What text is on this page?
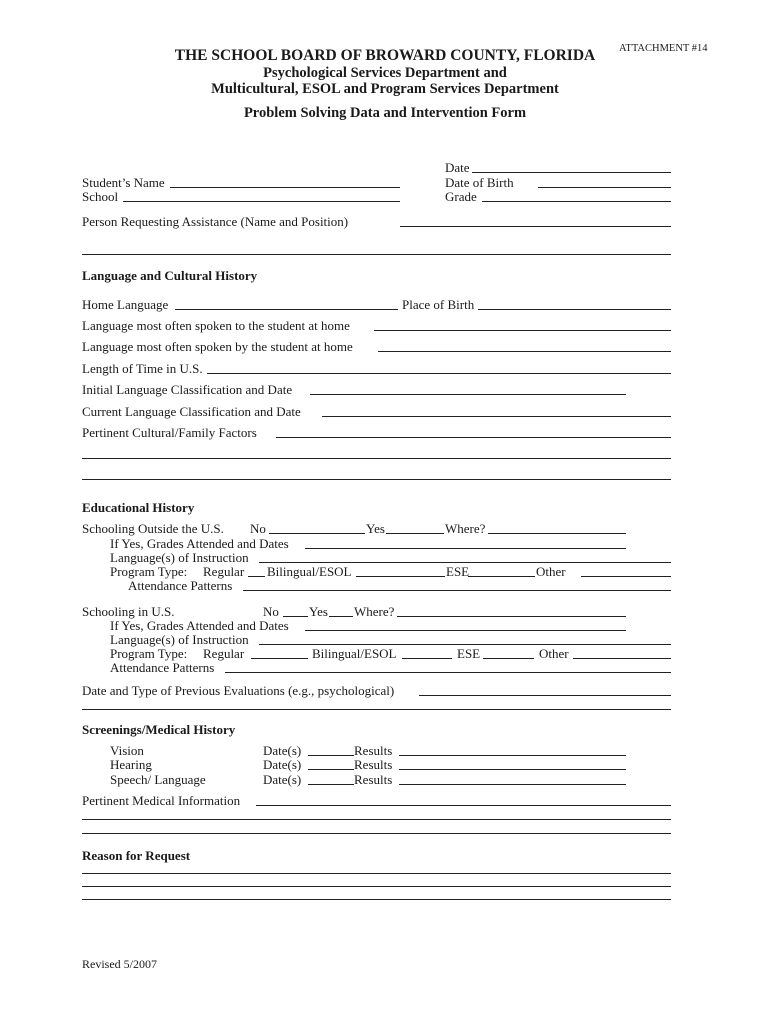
ATTACHMENT #14
THE SCHOOL BOARD OF BROWARD COUNTY, FLORIDA
Psychological Services Department and
Multicultural, ESOL and Program Services Department
Problem Solving Data and Intervention Form
Date
Student’s Name	Date of Birth
School	Grade
Person Requesting Assistance (Name and Position)
Language and Cultural History
Home Language	Place of Birth
Language most often spoken to the student at home
Language most often spoken by the student at home
Length of Time in U.S.
Initial Language Classification and Date
Current Language Classification and Date
Pertinent Cultural/Family Factors
Educational History
Schooling Outside the U.S. No	Yes	Where?
If Yes, Grades Attended and Dates
Language(s) of Instruction
Program Type: Regular Bilingual/ESOL	ESE	Other
Attendance Patterns
Schooling in U.S.	No Yes Where?
If Yes, Grades Attended and Dates
Language(s) of Instruction
Program Type: Regular	Bilingual/ESOL	ESE	Other
Attendance Patterns
Date and Type of Previous Evaluations (e.g., psychological)
Screenings/Medical History
Vision	Date(s)	Results
Hearing	Date(s)	Results
Speech/ Language	Date(s)	Results
Pertinent Medical Information
Reason for Request
Revised 5/2007
